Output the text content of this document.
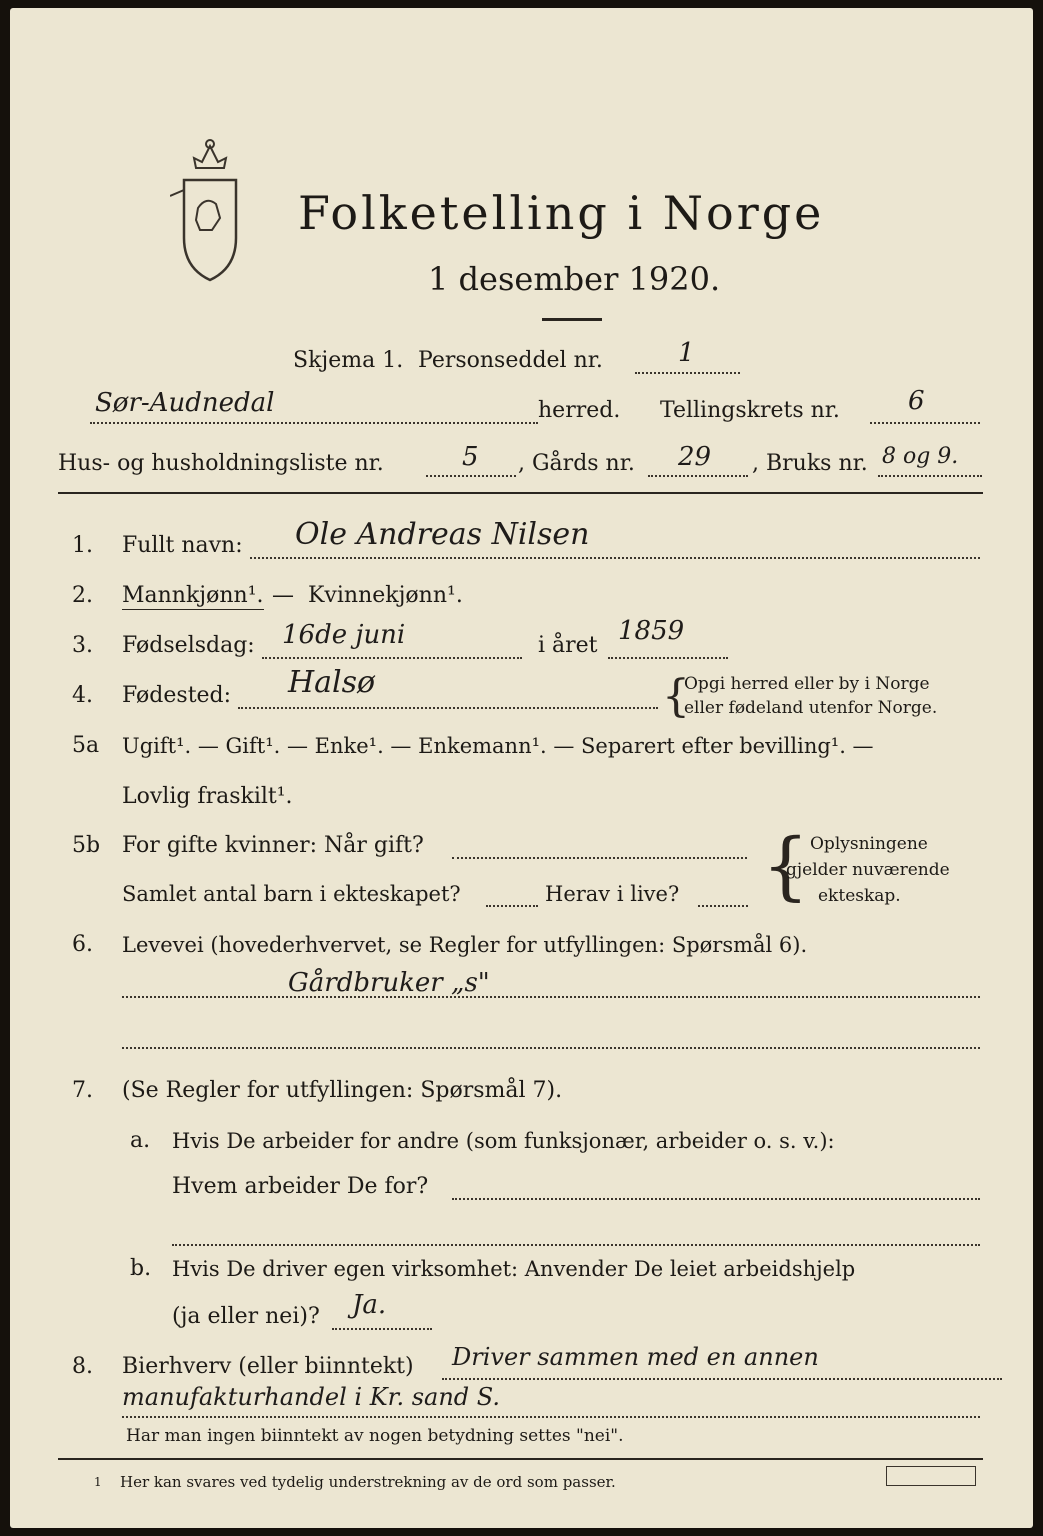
Folketelling i Norge
1 desember 1920.
Skjema 1. Personseddel nr.	1
Sør-Audnedal	herred. Tellingskrets nr.	6
Hus- og husholdningsliste nr.	5 , Gårds nr. 29 , Bruks nr. 8 og 9.
1. Fullt navn: Ole Andreas Nilsen
2. Mannkjønn¹. — Kvinnekjønn¹.
3. Fødselsdag: 16de juni	i året 1859
4. Fødested: Halsø	{
Opgi herred eller by i Norge
eller fødeland utenfor Norge.
5a Ugift¹. — Gift¹. — Enke¹. — Enkemann¹. — Separert efter bevilling¹. —
Lovlig fraskilt¹.
5b For gifte kvinner: Når gift?
Samlet antal barn i ekteskapet?	Herav i live? { Oplysningene
gjelder nuværende
ekteskap.
6. Levevei (hovederhvervet, se Regler for utfyllingen: Spørsmål 6).
Gårdbruker „s"
7. (Se Regler for utfyllingen: Spørsmål 7).
a. Hvis De arbeider for andre (som funksjonær, arbeider o. s. v.):
Hvem arbeider De for?
b. Hvis De driver egen virksomhet: Anvender De leiet arbeidshjelp
(ja eller nei)? Ja.
8. Bierhverv (eller biinntekt) Driver sammen med en annen
manufakturhandel i Kr. sand S.
Har man ingen biinntekt av nogen betydning settes "nei".
1 Her kan svares ved tydelig understrekning av de ord som passer.
